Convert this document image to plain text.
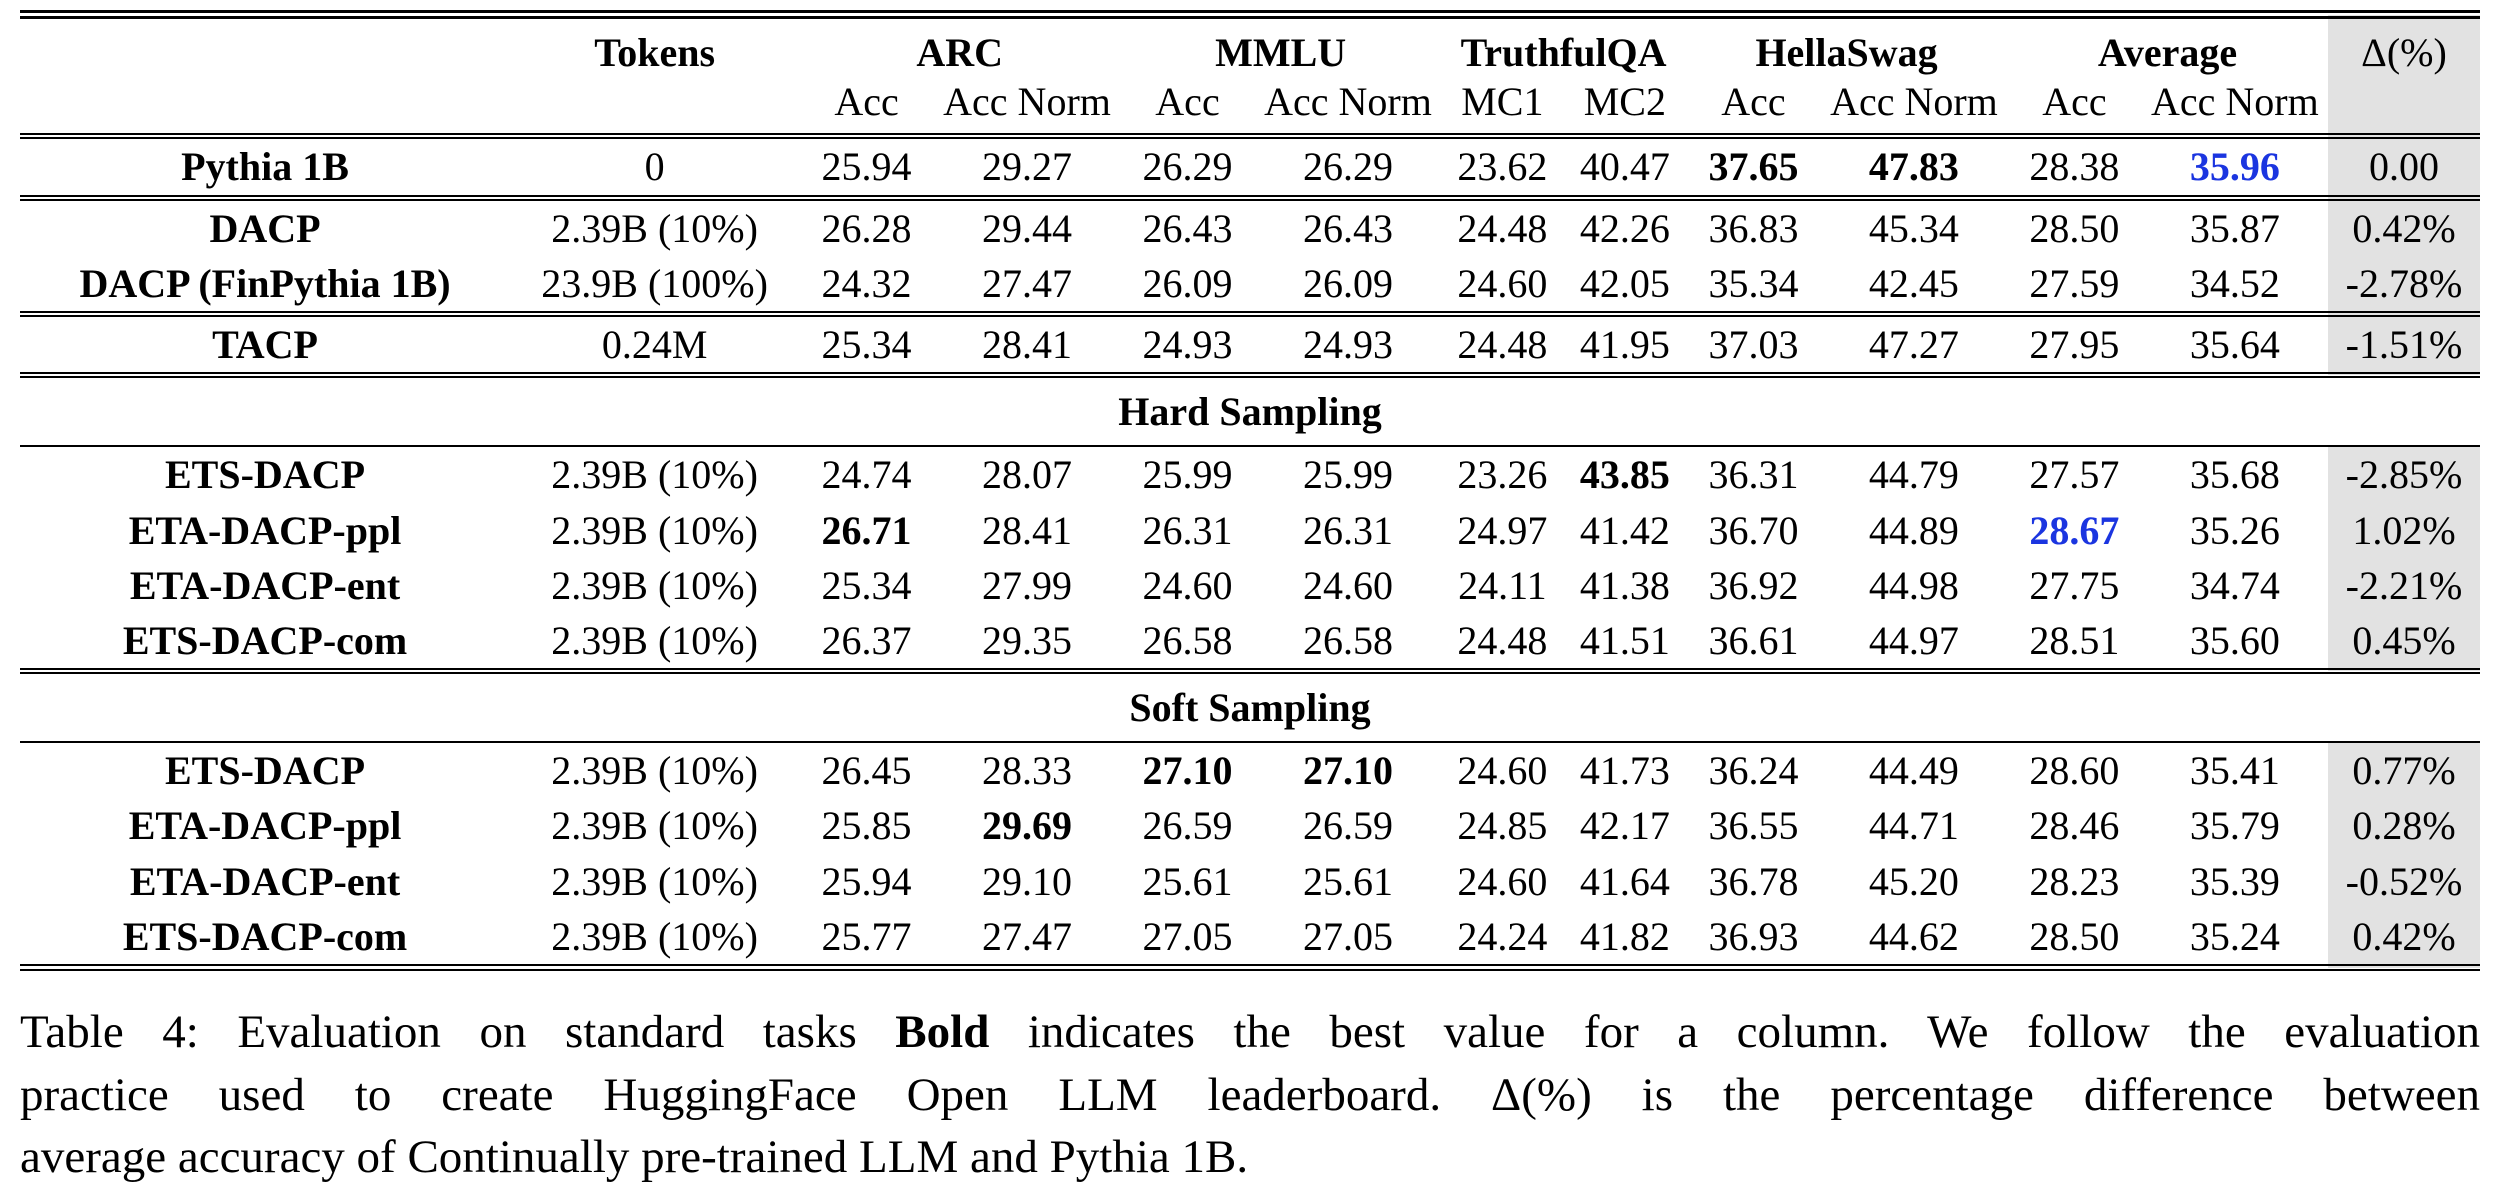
	Tokens	ARC		MMLU		TruthfulQA		HellaSwag		Average		Δ(%)
		Acc	Acc Norm	Acc	Acc Norm	MC1	MC2	Acc	Acc Norm	Acc	Acc Norm	
Pythia 1B	0	25.94	29.27	26.29	26.29	23.62	40.47	37.65	47.83	28.38	35.96	0.00
DACP	2.39B (10%)	26.28	29.44	26.43	26.43	24.48	42.26	36.83	45.34	28.50	35.87	0.42%
DACP (FinPythia 1B)	23.9B (100%)	24.32	27.47	26.09	26.09	24.60	42.05	35.34	42.45	27.59	34.52	-2.78%
TACP	0.24M	25.34	28.41	24.93	24.93	24.48	41.95	37.03	47.27	27.95	35.64	-1.51%
Hard Sampling												
ETS-DACP	2.39B (10%)	24.74	28.07	25.99	25.99	23.26	43.85	36.31	44.79	27.57	35.68	-2.85%
ETA-DACP-ppl	2.39B (10%)	26.71	28.41	26.31	26.31	24.97	41.42	36.70	44.89	28.67	35.26	1.02%
ETA-DACP-ent	2.39B (10%)	25.34	27.99	24.60	24.60	24.11	41.38	36.92	44.98	27.75	34.74	-2.21%
ETS-DACP-com	2.39B (10%)	26.37	29.35	26.58	26.58	24.48	41.51	36.61	44.97	28.51	35.60	0.45%
Soft Sampling												
ETS-DACP	2.39B (10%)	26.45	28.33	27.10	27.10	24.60	41.73	36.24	44.49	28.60	35.41	0.77%
ETA-DACP-ppl	2.39B (10%)	25.85	29.69	26.59	26.59	24.85	42.17	36.55	44.71	28.46	35.79	0.28%
ETA-DACP-ent	2.39B (10%)	25.94	29.10	25.61	25.61	24.60	41.64	36.78	45.20	28.23	35.39	-0.52%
ETS-DACP-com	2.39B (10%)	25.77	27.47	27.05	27.05	24.24	41.82	36.93	44.62	28.50	35.24	0.42%
Table 4: Evaluation on standard tasks Bold indicates the best value for a column. We follow the evaluation
practice used to create HuggingFace Open LLM leaderboard. Δ(%) is the percentage difference between
average accuracy of Continually pre-trained LLM and Pythia 1B.
